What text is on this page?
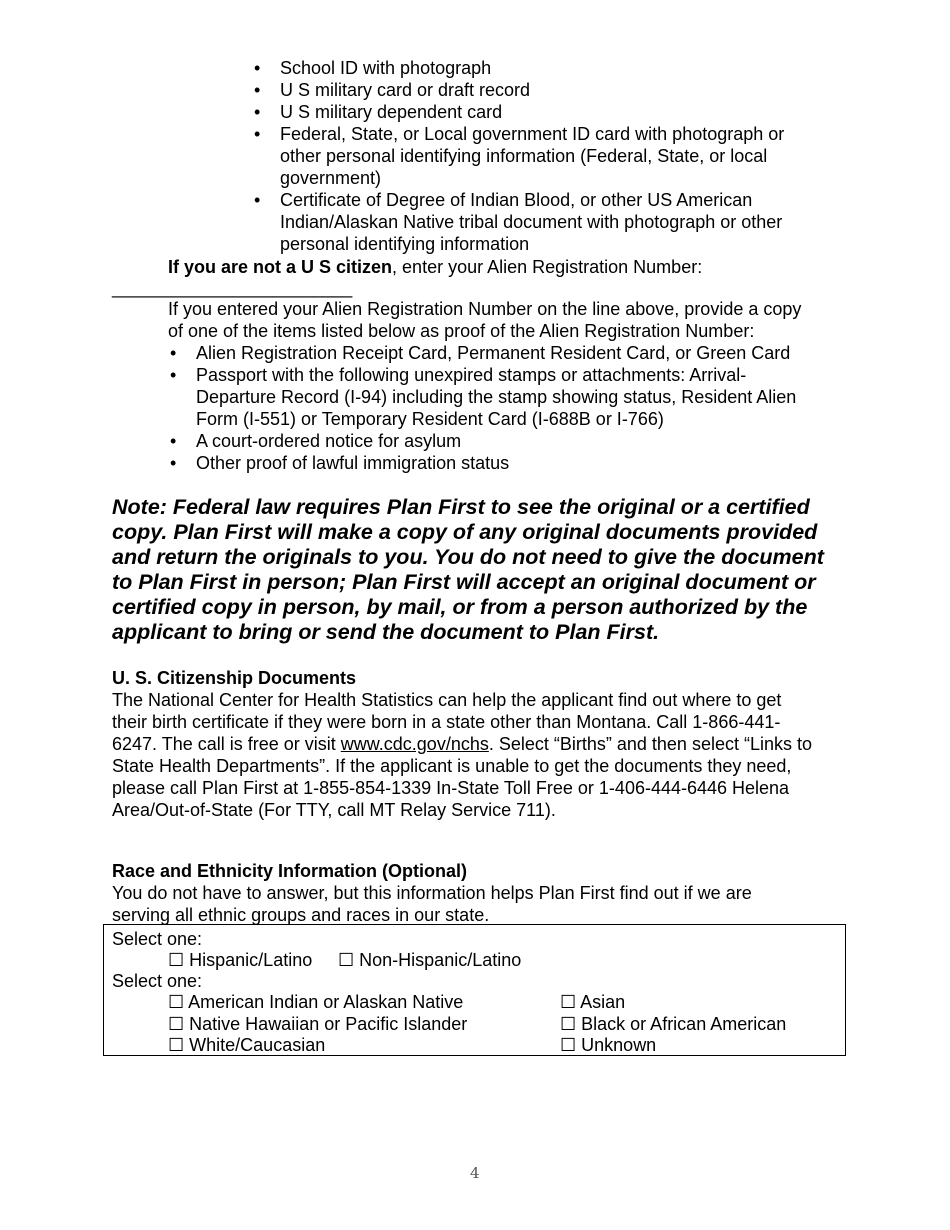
• School ID with photograph
• U S military card or draft record
• U S military dependent card
• Federal, State, or Local government ID card with photograph or
other personal identifying information (Federal, State, or local
government)
• Certificate of Degree of Indian Blood, or other US American
Indian/Alaskan Native tribal document with photograph or other
personal identifying information
If you are not a U S citizen, enter your Alien Registration Number:
________________________
If you entered your Alien Registration Number on the line above, provide a copy
of one of the items listed below as proof of the Alien Registration Number:
• Alien Registration Receipt Card, Permanent Resident Card, or Green Card
• Passport with the following unexpired stamps or attachments: Arrival-
Departure Record (I-94) including the stamp showing status, Resident Alien
Form (I-551) or Temporary Resident Card (I-688B or I-766)
• A court-ordered notice for asylum
• Other proof of lawful immigration status
Note: Federal law requires Plan First to see the original or a certified
copy. Plan First will make a copy of any original documents provided
and return the originals to you. You do not need to give the document
to Plan First in person; Plan First will accept an original document or
certified copy in person, by mail, or from a person authorized by the
applicant to bring or send the document to Plan First.
U. S. Citizenship Documents
The National Center for Health Statistics can help the applicant find out where to get
their birth certificate if they were born in a state other than Montana. Call 1-866-441-
6247. The call is free or visit www.cdc.gov/nchs. Select “Births” and then select “Links to
State Health Departments”. If the applicant is unable to get the documents they need,
please call Plan First at 1-855-854-1339 In-State Toll Free or 1-406-444-6446 Helena
Area/Out-of-State (For TTY, call MT Relay Service 711).
Race and Ethnicity Information (Optional)
You do not have to answer, but this information helps Plan First find out if we are
serving all ethnic groups and races in our state.
Select one:
☐ Hispanic/Latino ☐ Non-Hispanic/Latino
Select one:
☐ American Indian or Alaskan Native	☐ Asian
☐ Native Hawaiian or Pacific Islander	☐ Black or African American
☐ White/Caucasian	☐ Unknown
4
